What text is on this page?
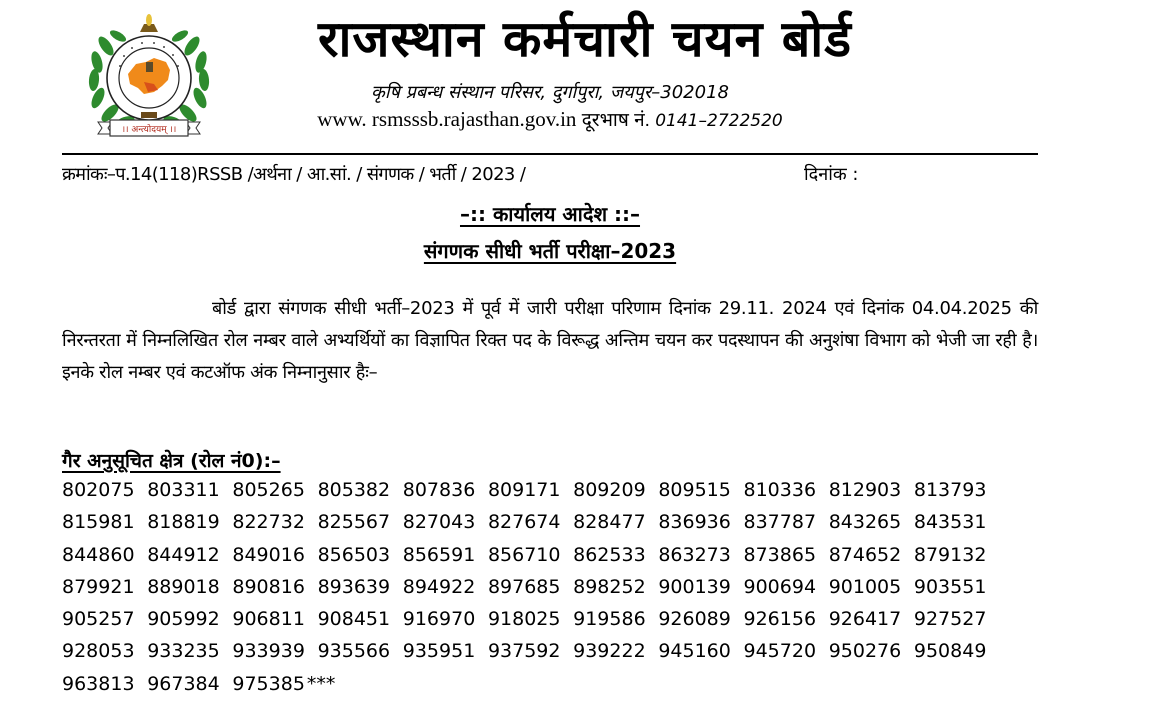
।। अन्त्योदयम् ।।
राजस्थान कर्मचारी चयन बोर्ड
कृषि प्रबन्ध संस्थान परिसर, दुर्गापुरा, जयपुर–302018
www. rsmsssb.rajasthan.gov.in दूरभाष नं. 0141–2722520
क्रमांकः–प.14(118)RSSB /अर्थना / आ.सां. / संगणक / भर्ती / 2023 /	दिनांक :
–:: कार्यालय आदेश ::–
संगणक सीधी भर्ती परीक्षा–2023
बोर्ड द्वारा संगणक सीधी भर्ती–2023 में पूर्व में जारी परीक्षा परिणाम दिनांक 29.11. 2024 एवं दिनांक 04.04.2025 की निरन्तरता में निम्नलिखित रोल नम्बर वाले अभ्यर्थियों का विज्ञापित रिक्त पद के विरूद्ध अन्तिम चयन कर पदस्थापन की अनुशंषा विभाग को भेजी जा रही है। इनके रोल नम्बर एवं कटऑफ अंक निम्नानुसार हैः–
गैर अनुसूचित क्षेत्र (रोल नं0):–
802075 803311 805265 805382 807836 809171 809209 809515 810336 812903 813793
815981 818819 822732 825567 827043 827674 828477 836936 837787 843265 843531
844860 844912 849016 856503 856591 856710 862533 863273 873865 874652 879132
879921 889018 890816 893639 894922 897685 898252 900139 900694 901005 903551
905257 905992 906811 908451 916970 918025 919586 926089 926156 926417 927527
928053 933235 933939 935566 935951 937592 939222 945160 945720 950276 950849
963813 967384 975385 ***
